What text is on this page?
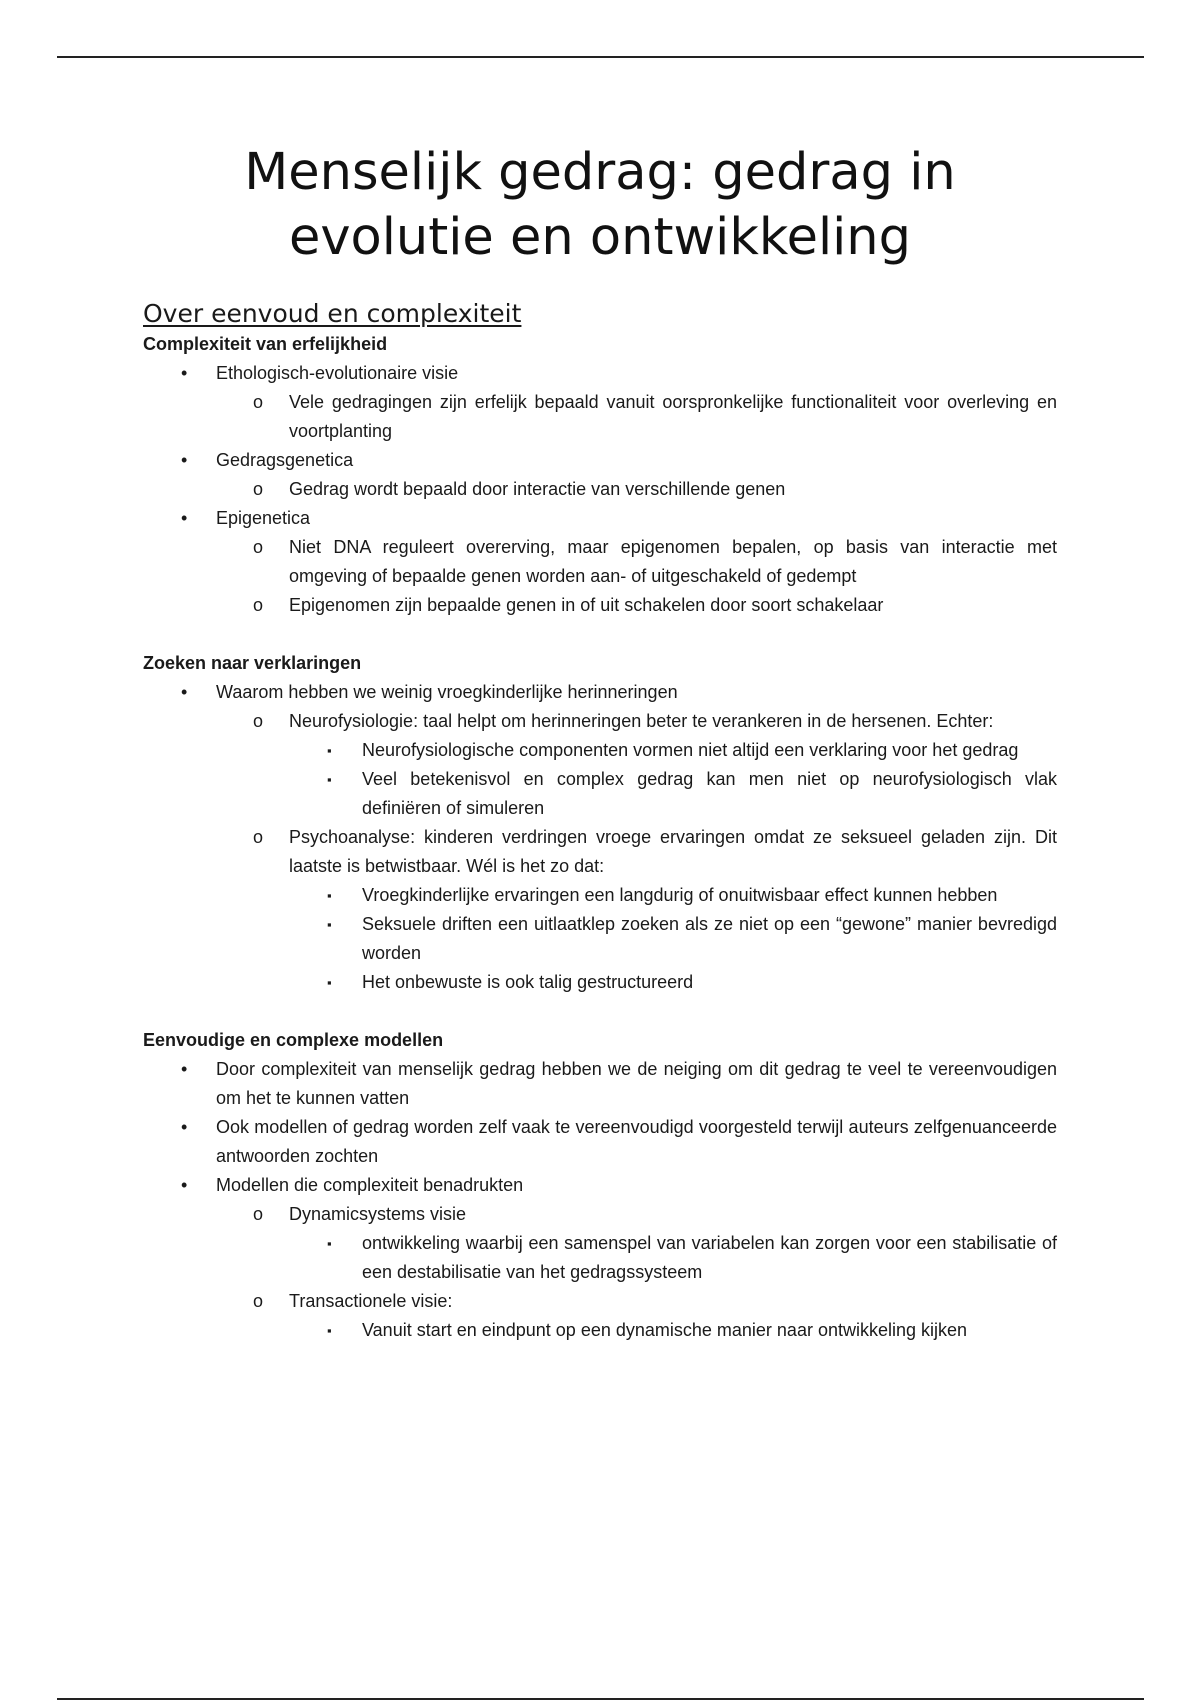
Menselijk gedrag: gedrag in evolutie en ontwikkeling
Over eenvoud en complexiteit
Complexiteit van erfelijkheid
• Ethologisch-evolutionaire visie
o Vele gedragingen zijn erfelijk bepaald vanuit oorspronkelijke functionaliteit voor overleving en voortplanting
• Gedragsgenetica
o Gedrag wordt bepaald door interactie van verschillende genen
• Epigenetica
o Niet DNA reguleert overerving, maar epigenomen bepalen, op basis van interactie met omgeving of bepaalde genen worden aan- of uitgeschakeld of gedempt
o Epigenomen zijn bepaalde genen in of uit schakelen door soort schakelaar
Zoeken naar verklaringen
• Waarom hebben we weinig vroegkinderlijke herinneringen
o Neurofysiologie: taal helpt om herinneringen beter te verankeren in de hersenen. Echter:
▪ Neurofysiologische componenten vormen niet altijd een verklaring voor het gedrag
▪ Veel betekenisvol en complex gedrag kan men niet op neurofysiologisch vlak definiëren of simuleren
o Psychoanalyse: kinderen verdringen vroege ervaringen omdat ze seksueel geladen zijn. Dit laatste is betwistbaar. Wél is het zo dat:
▪ Vroegkinderlijke ervaringen een langdurig of onuitwisbaar effect kunnen hebben
▪ Seksuele driften een uitlaatklep zoeken als ze niet op een “gewone” manier bevredigd worden
▪ Het onbewuste is ook talig gestructureerd
Eenvoudige en complexe modellen
• Door complexiteit van menselijk gedrag hebben we de neiging om dit gedrag te veel te vereenvoudigen om het te kunnen vatten
• Ook modellen of gedrag worden zelf vaak te vereenvoudigd voorgesteld terwijl auteurs zelfgenuanceerde antwoorden zochten
• Modellen die complexiteit benadrukten
o Dynamicsystems visie
▪ ontwikkeling waarbij een samenspel van variabelen kan zorgen voor een stabilisatie of een destabilisatie van het gedragssysteem
o Transactionele visie:
▪ Vanuit start en eindpunt op een dynamische manier naar ontwikkeling kijken
